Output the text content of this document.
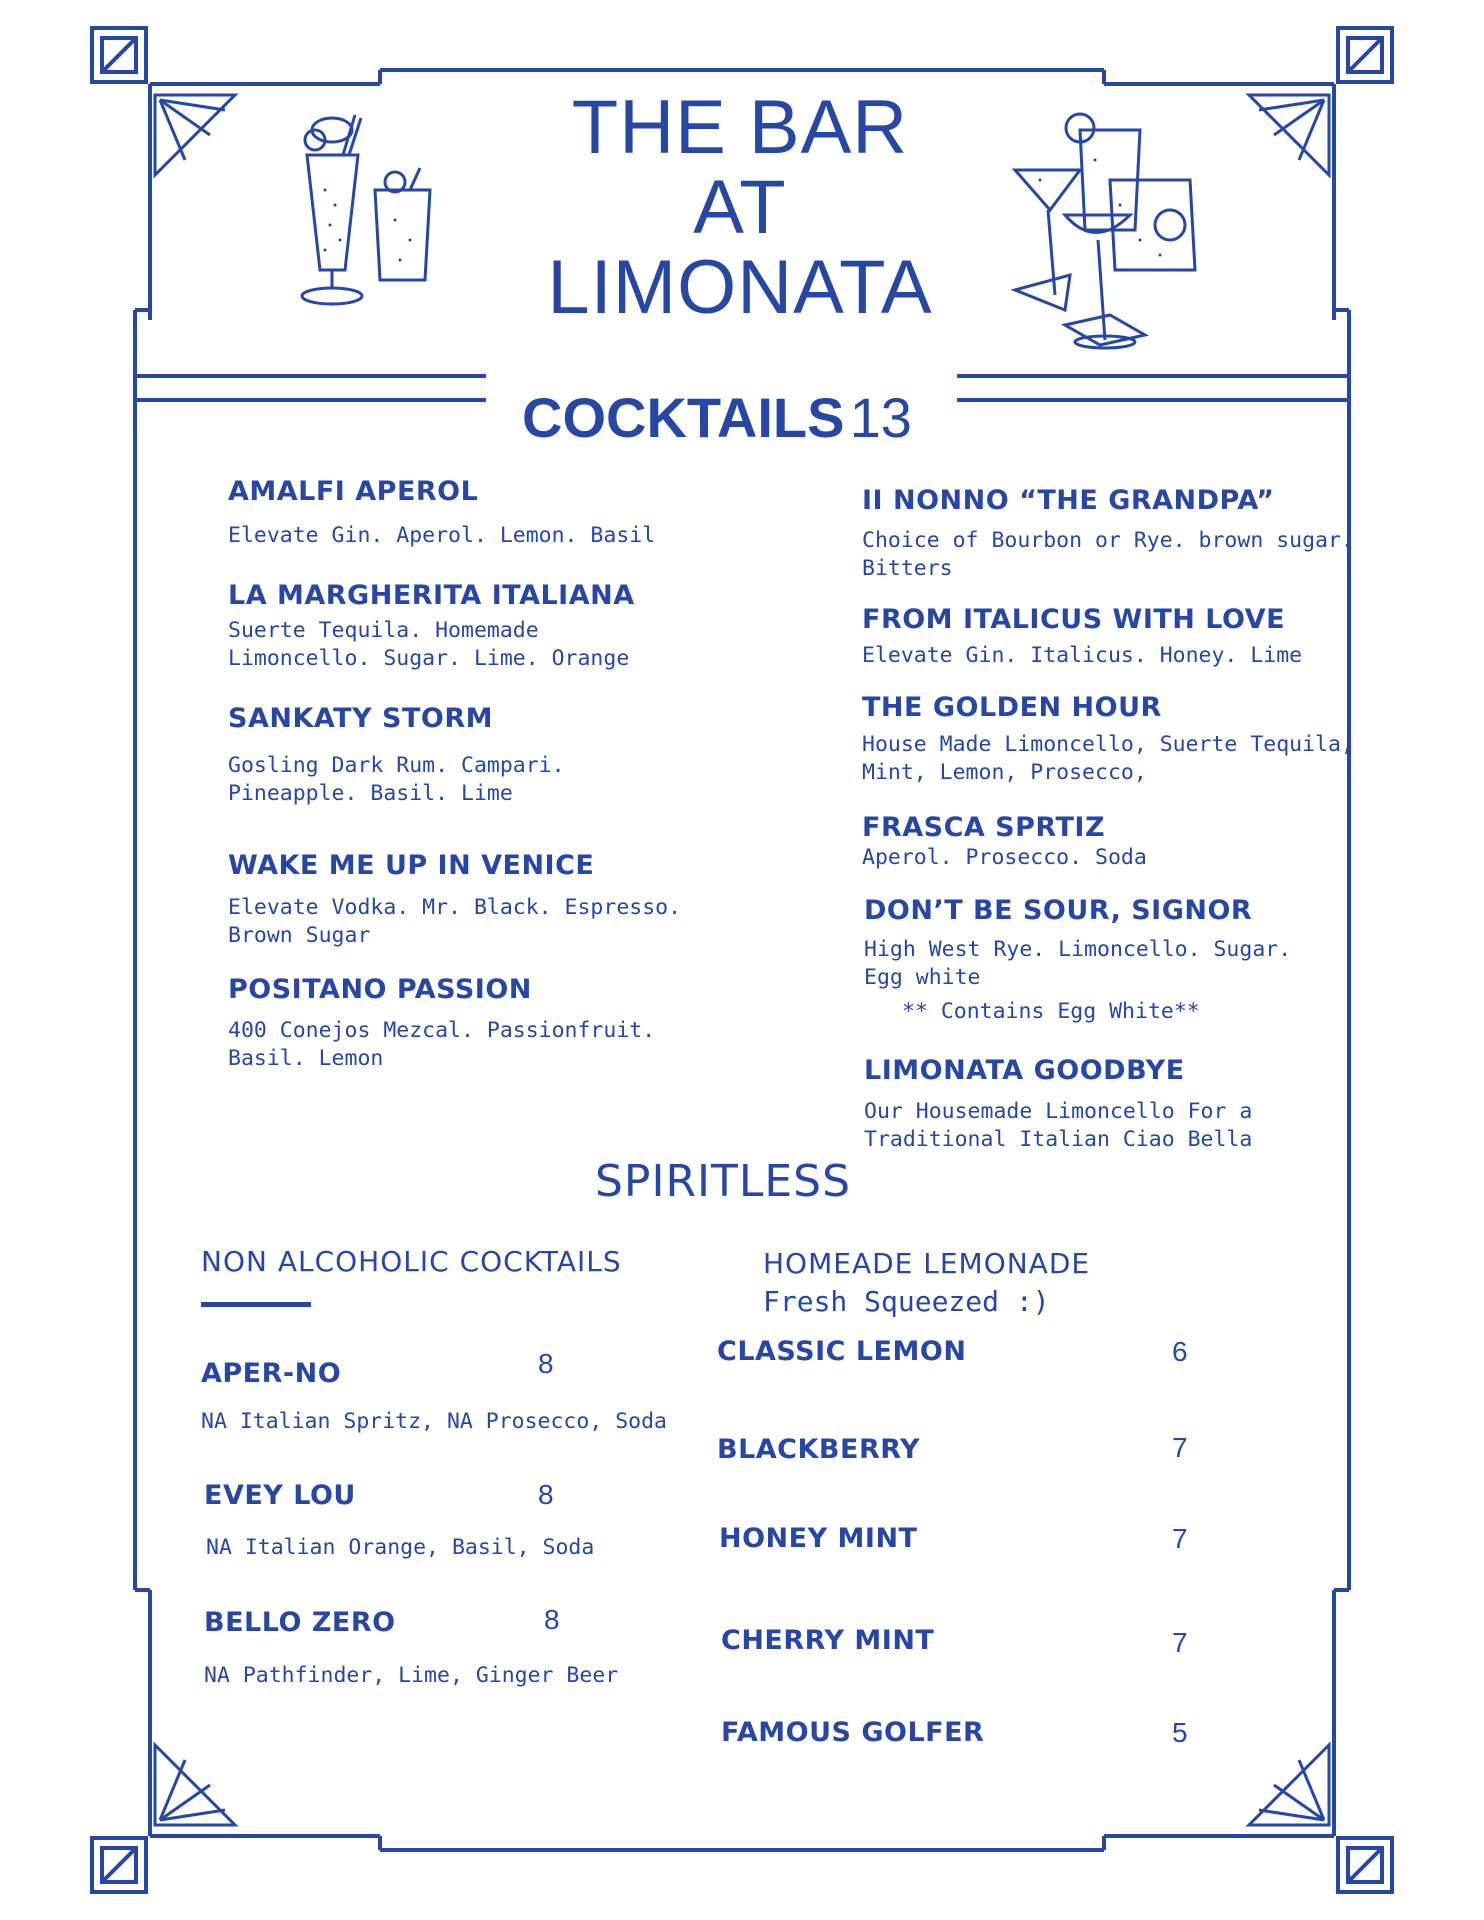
THE BAR
AT
LIMONATA
COCKTAILS 13
AMALFI APEROL
Elevate Gin. Aperol. Lemon. Basil
LA MARGHERITA ITALIANA
Suerte Tequila. Homemade
Limoncello. Sugar. Lime. Orange
SANKATY STORM
Gosling Dark Rum. Campari.
Pineapple. Basil. Lime
WAKE ME UP IN VENICE
Elevate Vodka. Mr. Black. Espresso.
Brown Sugar
POSITANO PASSION
400 Conejos Mezcal. Passionfruit.
Basil. Lemon
II NONNO “THE GRANDPA”
Choice of Bourbon or Rye. brown sugar.
Bitters
FROM ITALICUS WITH LOVE
Elevate Gin. Italicus. Honey. Lime
THE GOLDEN HOUR
House Made Limoncello, Suerte Tequila,
Mint, Lemon, Prosecco,
FRASCA SPRTIZ
Aperol. Prosecco. Soda
DON’T BE SOUR, SIGNOR
High West Rye. Limoncello. Sugar.
Egg white
** Contains Egg White**
LIMONATA GOODBYE
Our Housemade Limoncello For a
Traditional Italian Ciao Bella
SPIRITLESS
NON ALCOHOLIC COCKTAILS
APER-NO	8
NA Italian Spritz, NA Prosecco, Soda
EVEY LOU	8
NA Italian Orange, Basil, Soda
BELLO ZERO	8
NA Pathfinder, Lime, Ginger Beer
HOMEADE LEMONADE
Fresh Squeezed :)
CLASSIC LEMON	6
BLACKBERRY	7
HONEY MINT	7
CHERRY MINT	7
FAMOUS GOLFER	5
